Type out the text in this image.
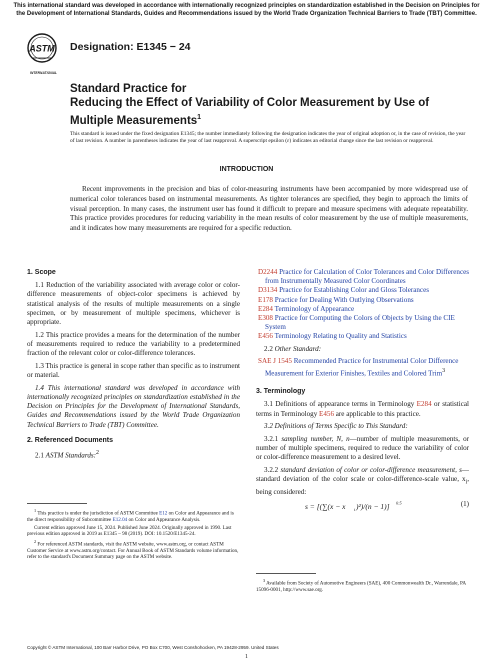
This international standard was developed in accordance with internationally recognized principles on standardization established in the Decision on Principles for the Development of International Standards, Guides and Recommendations issued by the World Trade Organization Technical Barriers to Trade (TBT) Committee.
ASTM
INTERNATIONAL
Designation: E1345 − 24
Standard Practice for
Reducing the Effect of Variability of Color Measurement by Use of Multiple Measurements$^1$
This standard is issued under the fixed designation E1345; the number immediately following the designation indicates the year of original adoption or, in the case of revision, the year of last revision. A number in parentheses indicates the year of last reapproval. A superscript epsilon (ε) indicates an editorial change since the last revision or reapproval.
INTRODUCTION
Recent improvements in the precision and bias of color-measuring instruments have been accompanied by more widespread use of numerical color tolerances based on instrumental measurements. As tighter tolerances are specified, they begin to approach the limits of visual perception. In many cases, the instrument user has found it difficult to prepare and measure specimens with adequate repeatability. This practice provides procedures for reducing variability in the mean results of color measurement by the use of multiple measurements, and it indicates how many measurements are required for a specific reduction.
1. Scope

1.1 Reduction of the variability associated with average color or color-difference measurements of object-color specimens is achieved by statistical analysis of the results of multiple measurements on a single specimen, or by measurement of multiple specimens, whichever is appropriate.

1.2 This practice provides a means for the determination of the number of measurements required to reduce the variability to a predetermined fraction of the relevant color or color-difference tolerances.

1.3 This practice is general in scope rather than specific as to instrument or material.

1.4 This international standard was developed in accordance with internationally recognized principles on standardization established in the Decision on Principles for the Development of International Standards, Guides and Recommendations issued by the World Trade Organization Technical Barriers to Trade (TBT) Committee.

2. Referenced Documents

2.1 ASTM Standards:$^2$

D2244 Practice for Calculation of Color Tolerances and Color Differences from Instrumentally Measured Color Coordinates
D3134 Practice for Establishing Color and Gloss Tolerances
E178 Practice for Dealing With Outlying Observations
E284 Terminology of Appearance
E308 Practice for Computing the Colors of Objects by Using the CIE System
E456 Terminology Relating to Quality and Statistics

2.2 Other Standard:

SAE J 1545 Recommended Practice for Instrumental Color Difference Measurement for Exterior Finishes, Textiles and Colored Trim$^3$
3. Terminology

3.1 Definitions of appearance terms in Terminology E284 or statistical terms in Terminology E456 are applicable to this practice.

3.2 Definitions of Terms Specific to This Standard:

3.2.1 sampling number, N, n—number of multiple measurements, or number of multiple specimens, required to reduce the variability of color or color-difference measurement to a desired level.

3.2.2 standard deviation of color or color-difference measurement, s—standard deviation of the color scale or color-difference-scale value, $x_i$, being considered:

s = [(∑(x − x i )²)/(n − 1)] 0.5	(1)

$^1$ This practice is under the jurisdiction of ASTM Committee E12 on Color and Appearance and is the direct responsibility of Subcommittee E12.04 on Color and Appearance Analysis.

Current edition approved June 15, 2024. Published June 2024. Originally approved in 1990. Last previous edition approved in 2019 as E1345 – 98 (2019). DOI: 10.1520/E1345-24.

$^2$ For referenced ASTM standards, visit the ASTM website, www.astm.org, or contact ASTM Customer Service at www.astm.org/contact. For Annual Book of ASTM Standards volume information, refer to the standard's Document Summary page on the ASTM website.

$^3$ Available from Society of Automotive Engineers (SAE), 400 Commonwealth Dr., Warrendale, PA 15096-0001, http://www.sae.org.

Copyright © ASTM International, 100 Barr Harbor Drive, PO Box C700, West Conshohocken, PA 19428-2959. United States
1
